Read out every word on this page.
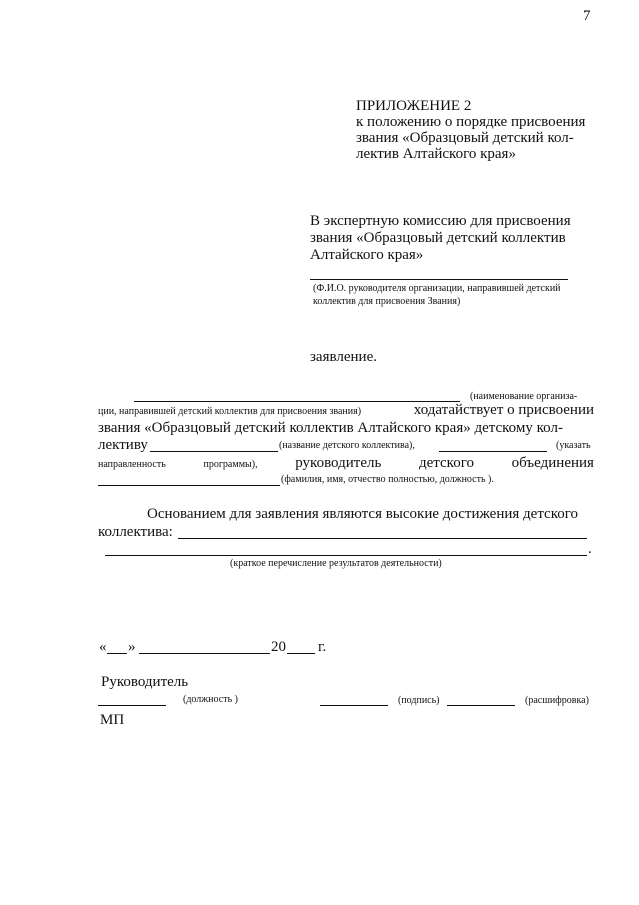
7
ПРИЛОЖЕНИЕ 2
к положению о порядке присвоения
звания «Образцовый детский кол-
лектив Алтайского края»
В экспертную комиссию для присвоения
звания «Образцовый детский коллектив
Алтайского края»
(Ф.И.О. руководителя организации, направившей детский
коллектив для присвоения Звания)
заявление.
(наименование организа-
ции, направившей детский коллектив для присвоения звания)	ходатайствует о присвоении
звания «Образцовый детский коллектив Алтайского края» детскому кол-
лективу	(название детского коллектива),	(указать
направленность	программы),	руководитель	детского	объединения
(фамилия, имя, отчество полностью, должность ).
Основанием для заявления являются высокие достижения детского
коллектива:
.
(краткое перечисление результатов деятельности)
« »	20 г.
Руководитель
(должность )	(подпись)	(расшифровка)
МП
